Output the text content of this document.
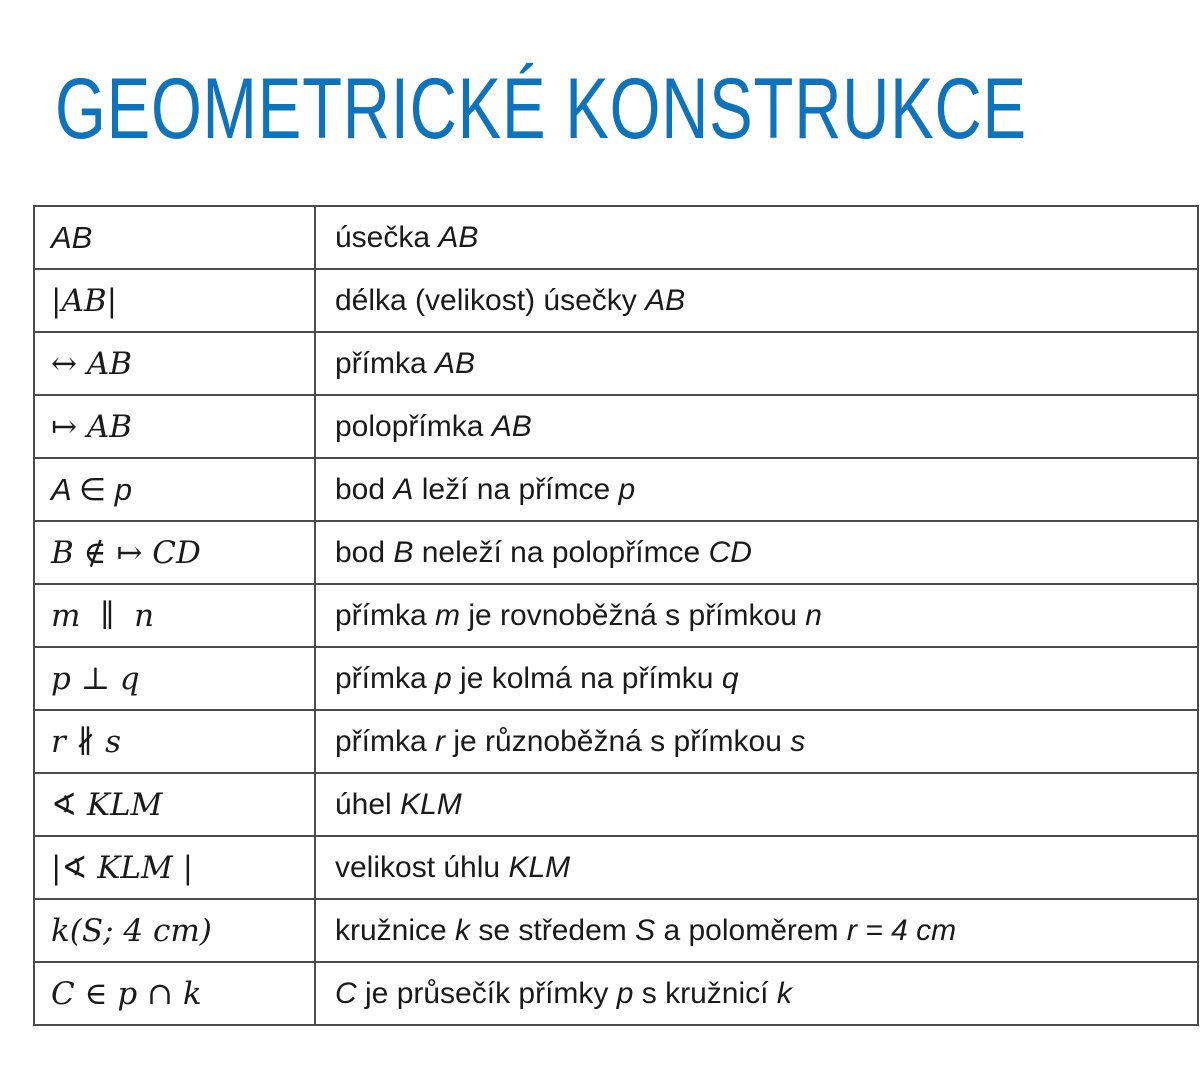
GEOMETRICKÉ KONSTRUKCE
AB	úsečka AB
|AB|	délka (velikost) úsečky AB
↔ AB	přímka AB
↦ AB	polopřímka AB
A ∈ p	bod A leží na přímce p
B ∉ ↦ CD	bod B neleží na polopřímce CD
m  ∥  n	přímka m je rovnoběžná s přímkou n
p ⊥ q	přímka p je kolmá na přímku q
r ∦ s	přímka r je různoběžná s přímkou s
∢ KLM	úhel KLM
|∢ KLM |	velikost úhlu KLM
k(S; 4 cm)	kružnice k se středem S a poloměrem r = 4 cm
C ∈ p ∩ k	C je průsečík přímky p s kružnicí k
